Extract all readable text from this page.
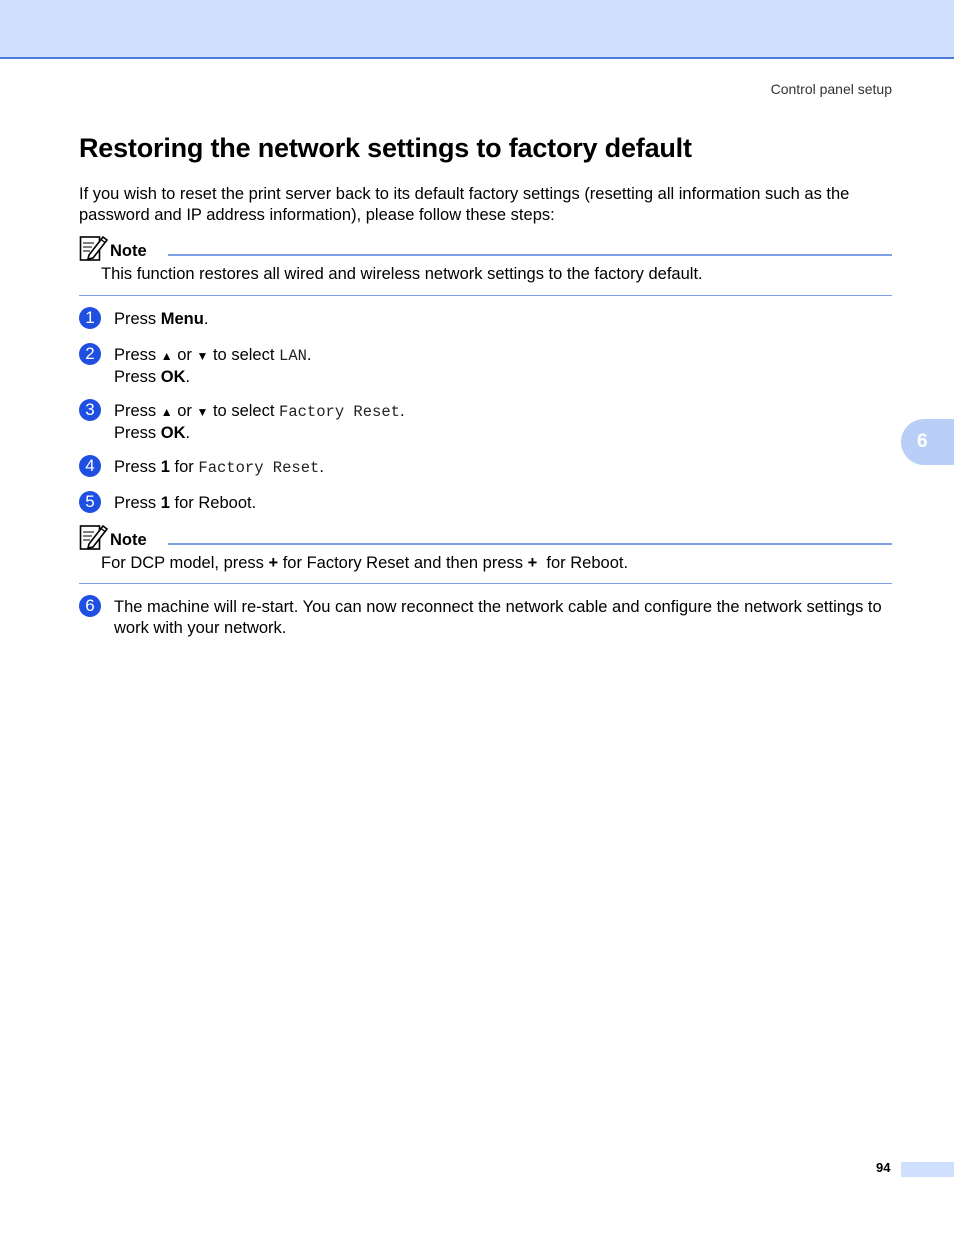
Control panel setup
Restoring the network settings to factory default

If you wish to reset the print server back to its default factory settings (resetting all information such as the password and IP address information), please follow these steps:

Note

This function restores all wired and wireless network settings to the factory default.

1	Press Menu.
2	Press ▲ or ▼ to select LAN.
Press OK.
3	Press ▲ or ▼ to select Factory Reset.
Press OK.
4	Press 1 for Factory Reset.
5	Press 1 for Reboot.
Note

For DCP model, press + for Factory Reset and then press +  for Reboot.

6	The machine will re-start. You can now reconnect the network cable and configure the network settings to work with your network.
6
94
